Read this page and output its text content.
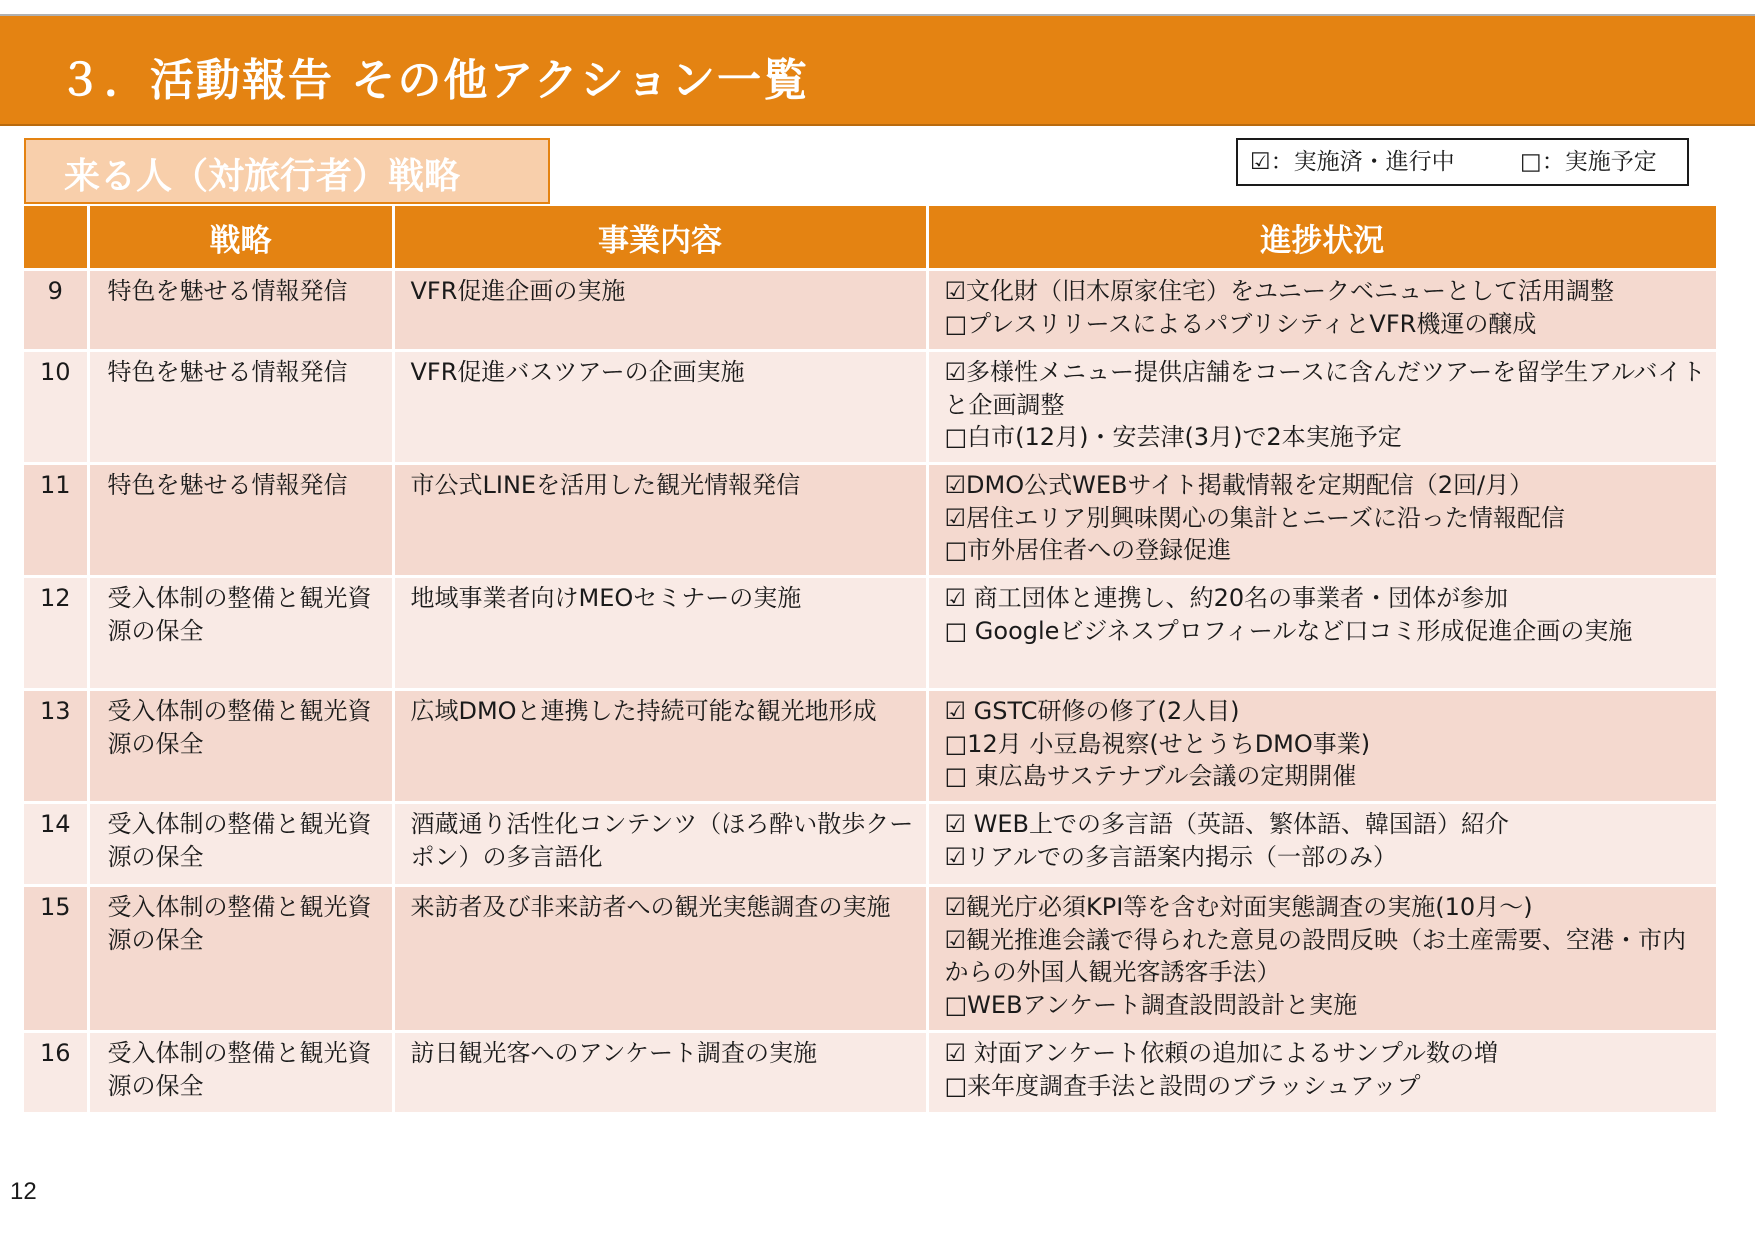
３．活動報告 その他アクション一覧
来る人（対旅行者）戦略	☑：実施済・進行中	□：実施予定
	戦略	事業内容	進捗状況
9	特色を魅せる情報発信	VFR促進企画の実施	☑文化財（旧木原家住宅）をユニークベニューとして活用調整
□プレスリリースによるパブリシティとVFR機運の醸成

10	特色を魅せる情報発信	VFR促進バスツアーの企画実施	☑多様性メニュー提供店舗をコースに含んだツアーを留学生アルバイトと企画調整
□白市(12月)・安芸津(3月)で2本実施予定

11	特色を魅せる情報発信	市公式LINEを活用した観光情報発信	☑DMO公式WEBサイト掲載情報を定期配信（2回/月）
☑居住エリア別興味関心の集計とニーズに沿った情報配信
□市外居住者への登録促進

12	受入体制の整備と観光資源の保全	地域事業者向けMEOセミナーの実施	☑ 商工団体と連携し、約20名の事業者・団体が参加
□ Googleビジネスプロフィールなど口コミ形成促進企画の実施

13	受入体制の整備と観光資源の保全	広域DMOと連携した持続可能な観光地形成	☑ GSTC研修の修了(2人目)
□12月 小豆島視察(せとうちDMO事業)
□ 東広島サステナブル会議の定期開催

14	受入体制の整備と観光資源の保全	酒蔵通り活性化コンテンツ（ほろ酔い散歩クーポン）の多言語化	☑ WEB上での多言語（英語、繁体語、韓国語）紹介
☑リアルでの多言語案内掲示（一部のみ）

15	受入体制の整備と観光資源の保全	来訪者及び非来訪者への観光実態調査の実施	☑観光庁必須KPI等を含む対面実態調査の実施(10月～)
☑観光推進会議で得られた意見の設問反映（お土産需要、空港・市内からの外国人観光客誘客手法）
□WEBアンケート調査設問設計と実施

16	受入体制の整備と観光資源の保全	訪日観光客へのアンケート調査の実施	☑ 対面アンケート依頼の追加によるサンプル数の増
□来年度調査手法と設問のブラッシュアップ
12
